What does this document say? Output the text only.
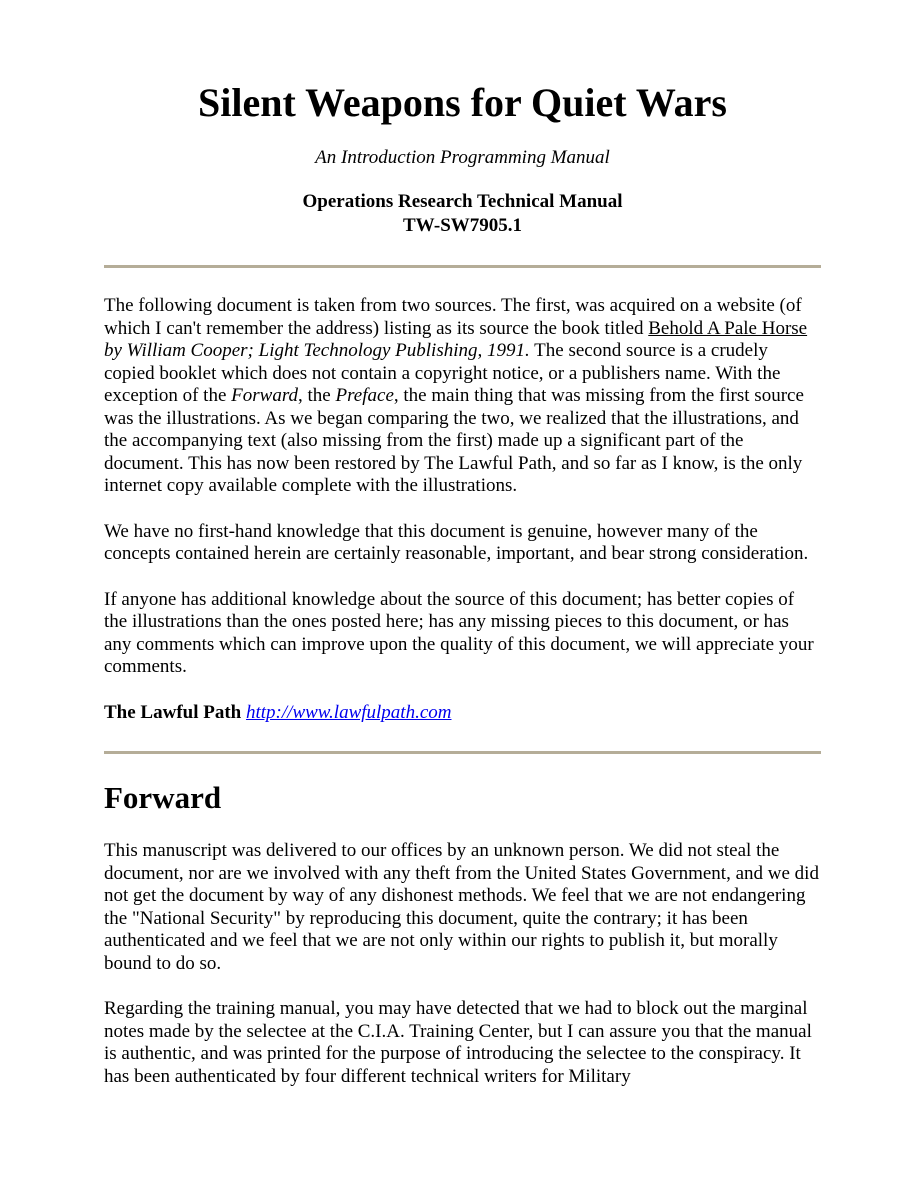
Silent Weapons for Quiet Wars
An Introduction Programming Manual
Operations Research Technical Manual
TW-SW7905.1

The following document is taken from two sources. The first, was acquired on a website (of which I can't remember the address) listing as its source the book titled Behold A Pale Horse by William Cooper; Light Technology Publishing, 1991. The second source is a crudely copied booklet which does not contain a copyright notice, or a publishers name. With the exception of the Forward, the Preface, the main thing that was missing from the first source was the illustrations. As we began comparing the two, we realized that the illustrations, and the accompanying text (also missing from the first) made up a significant part of the document. This has now been restored by The Lawful Path, and so far as I know, is the only internet copy available complete with the illustrations.

We have no first-hand knowledge that this document is genuine, however many of the concepts contained herein are certainly reasonable, important, and bear strong consideration.

If anyone has additional knowledge about the source of this document; has better copies of the illustrations than the ones posted here; has any missing pieces to this document, or has any comments which can improve upon the quality of this document, we will appreciate your comments.

The Lawful Path http://www.lawfulpath.com

Forward

This manuscript was delivered to our offices by an unknown person. We did not steal the document, nor are we involved with any theft from the United States Government, and we did not get the document by way of any dishonest methods. We feel that we are not endangering the "National Security" by reproducing this document, quite the contrary; it has been authenticated and we feel that we are not only within our rights to publish it, but morally bound to do so.

Regarding the training manual, you may have detected that we had to block out the marginal notes made by the selectee at the C.I.A. Training Center, but I can assure you that the manual is authentic, and was printed for the purpose of introducing the selectee to the conspiracy. It has been authenticated by four different technical writers for Military
